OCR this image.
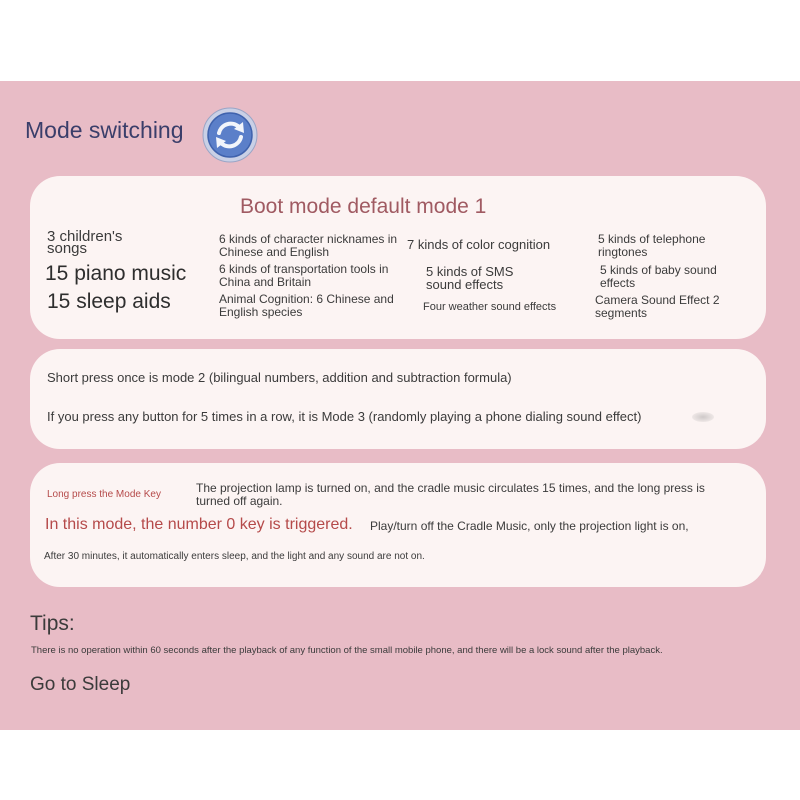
Mode switching
Boot mode default mode 1
3 children's songs
15 piano music
15 sleep aids
6 kinds of character nicknames in Chinese and English
6 kinds of transportation tools in China and Britain
Animal Cognition: 6 Chinese and English species
7 kinds of color cognition
5 kinds of SMS sound effects
Four weather sound effects
5 kinds of telephone ringtones
5 kinds of baby sound effects
Camera Sound Effect 2 segments
Short press once is mode 2 (bilingual numbers, addition and subtraction formula)
If you press any button for 5 times in a row, it is Mode 3 (randomly playing a phone dialing sound effect)
Long press the Mode Key	The projection lamp is turned on, and the cradle music circulates 15 times, and the long press is turned off again.
In this mode, the number 0 key is triggered. Play/turn off the Cradle Music, only the projection light is on,
After 30 minutes, it automatically enters sleep, and the light and any sound are not on.
Tips:
There is no operation within 60 seconds after the playback of any function of the small mobile phone, and there will be a lock sound after the playback.
Go to Sleep
